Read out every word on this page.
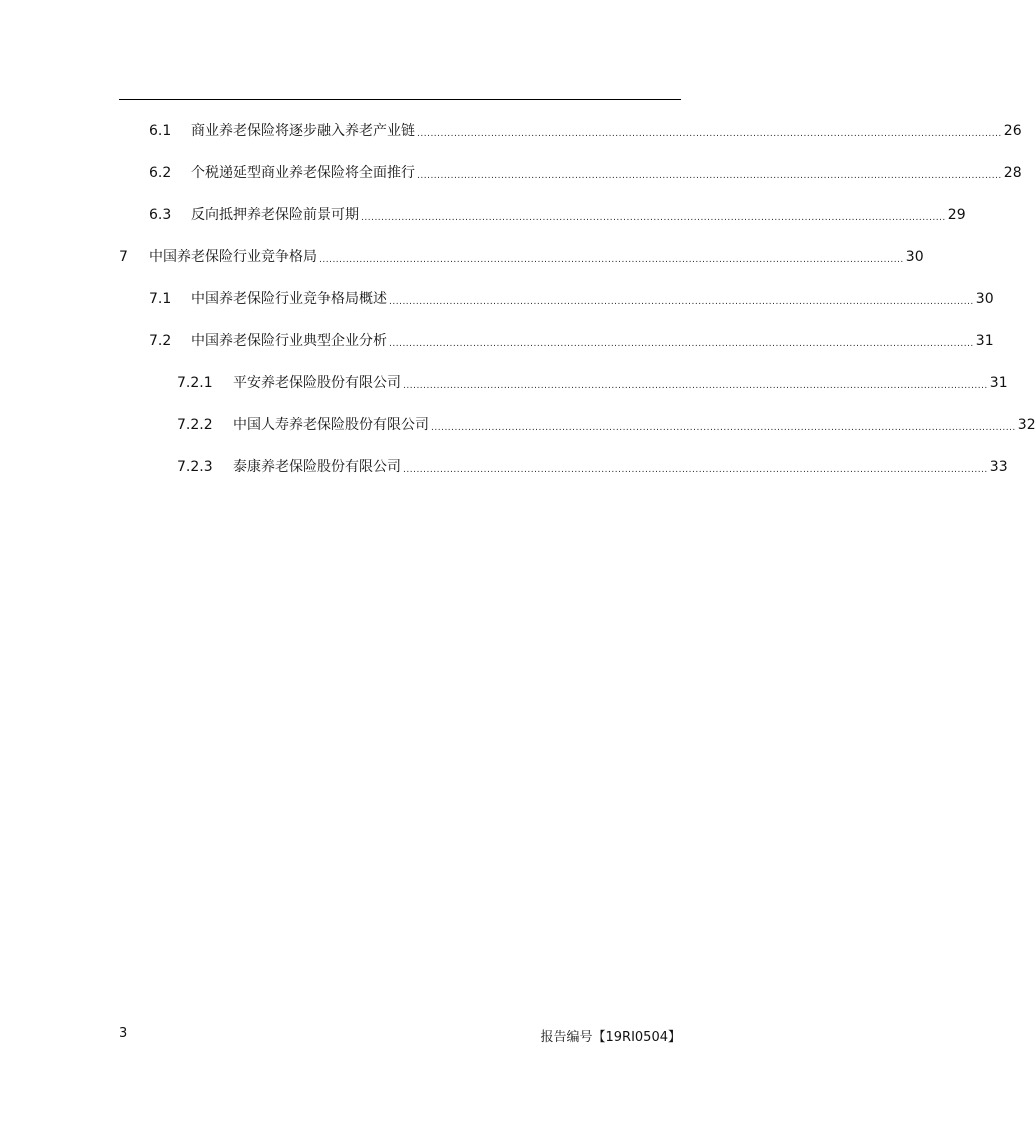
6.1	商业养老保险将逐步融入养老产业链 .............................................................................................................................................................................. 26
6.2	个税递延型商业养老保险将全面推行 .............................................................................................................................................................................. 28
6.3	反向抵押养老保险前景可期 .............................................................................................................................................................................. 29
7	中国养老保险行业竞争格局 .............................................................................................................................................................................. 30
7.1	中国养老保险行业竞争格局概述 .............................................................................................................................................................................. 30
7.2	中国养老保险行业典型企业分析 .............................................................................................................................................................................. 31
7.2.1	平安养老保险股份有限公司 .............................................................................................................................................................................. 31
7.2.2	中国人寿养老保险股份有限公司 .............................................................................................................................................................................. 32
7.2.3	泰康养老保险股份有限公司 .............................................................................................................................................................................. 33
3	报告编号【19RI0504】
